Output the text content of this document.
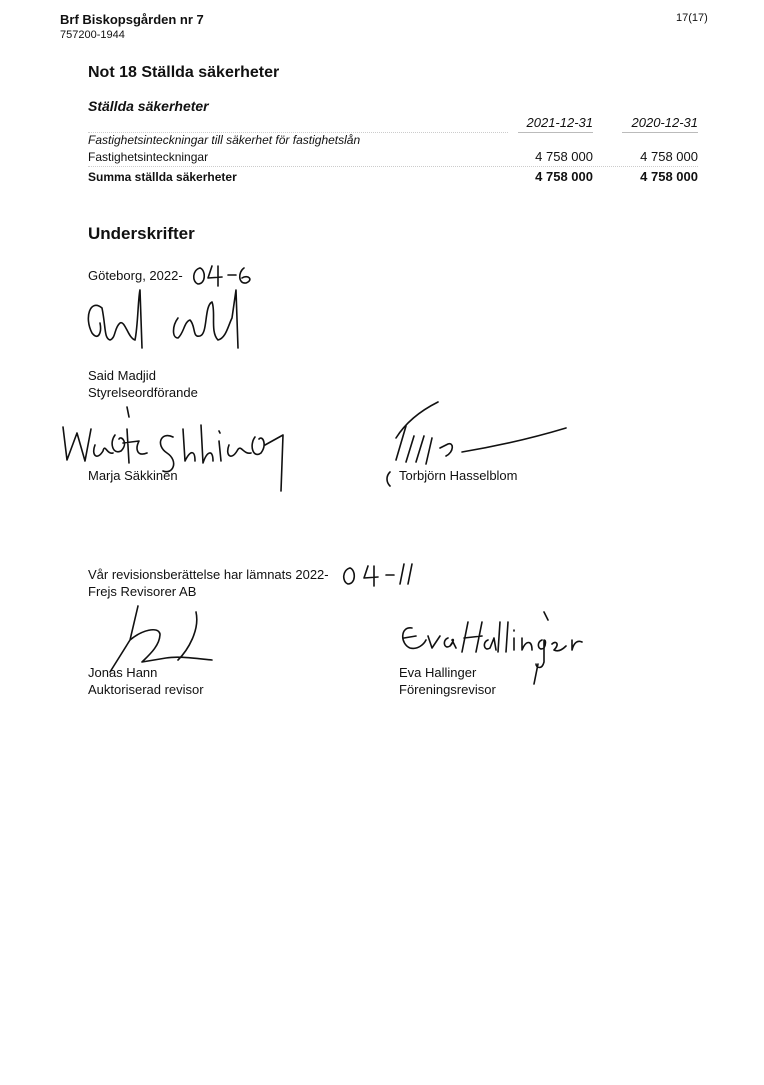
Brf Biskopsgården nr 7
757200-1944
17(17)
Not 18 Ställda säkerheter
Ställda säkerheter
2021-12-31	2020-12-31
Fastighetsinteckningar till säkerhet för fastighetslån
Fastighetsinteckningar	4 758 000	4 758 000
Summa ställda säkerheter	4 758 000	4 758 000
Underskrifter
Göteborg, 2022-
Said Madjid
Styrelseordförande
Marja Säkkinen	Torbjörn Hasselblom
Vår revisionsberättelse har lämnats 2022-
Frejs Revisorer AB
Jonas Hann
Auktoriserad revisor
Eva Hallinger
Föreningsrevisor
